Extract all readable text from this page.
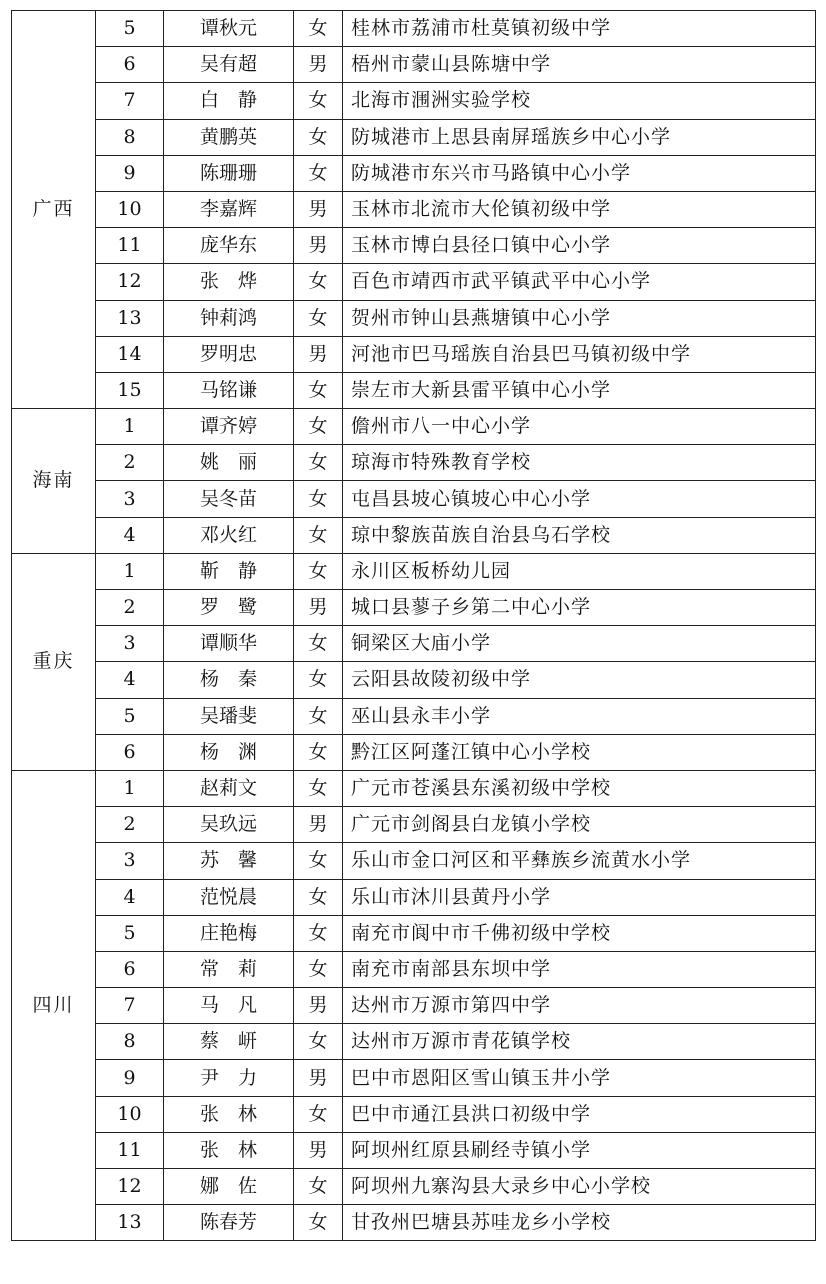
广西	5	谭秋元	女	桂林市荔浦市杜莫镇初级中学
	6	吴有超	男	梧州市蒙山县陈塘中学
	7	白　静	女	北海市涠洲实验学校
	8	黄鹏英	女	防城港市上思县南屏瑶族乡中心小学
	9	陈珊珊	女	防城港市东兴市马路镇中心小学
	10	李嘉辉	男	玉林市北流市大伦镇初级中学
	11	庞华东	男	玉林市博白县径口镇中心小学
	12	张　烨	女	百色市靖西市武平镇武平中心小学
	13	钟莉鸿	女	贺州市钟山县燕塘镇中心小学
	14	罗明忠	男	河池市巴马瑶族自治县巴马镇初级中学
	15	马铭谦	女	崇左市大新县雷平镇中心小学
海南	1	谭齐婷	女	儋州市八一中心小学
	2	姚　丽	女	琼海市特殊教育学校
	3	吴冬苗	女	屯昌县坡心镇坡心中心小学
	4	邓火红	女	琼中黎族苗族自治县乌石学校
重庆	1	靳　静	女	永川区板桥幼儿园
	2	罗　鹭	男	城口县蓼子乡第二中心小学
	3	谭顺华	女	铜梁区大庙小学
	4	杨　秦	女	云阳县故陵初级中学
	5	吴璠斐	女	巫山县永丰小学
	6	杨　渊	女	黔江区阿蓬江镇中心小学校
四川	1	赵莉文	女	广元市苍溪县东溪初级中学校
	2	吴玖远	男	广元市剑阁县白龙镇小学校
	3	苏　馨	女	乐山市金口河区和平彝族乡流黄水小学
	4	范悦晨	女	乐山市沐川县黄丹小学
	5	庄艳梅	女	南充市阆中市千佛初级中学校
	6	常　莉	女	南充市南部县东坝中学
	7	马　凡	男	达州市万源市第四中学
	8	蔡　岍	女	达州市万源市青花镇学校
	9	尹　力	男	巴中市恩阳区雪山镇玉井小学
	10	张　林	女	巴中市通江县洪口初级中学
	11	张　林	男	阿坝州红原县刷经寺镇小学
	12	娜　佐	女	阿坝州九寨沟县大录乡中心小学校
	13	陈春芳	女	甘孜州巴塘县苏哇龙乡小学校
